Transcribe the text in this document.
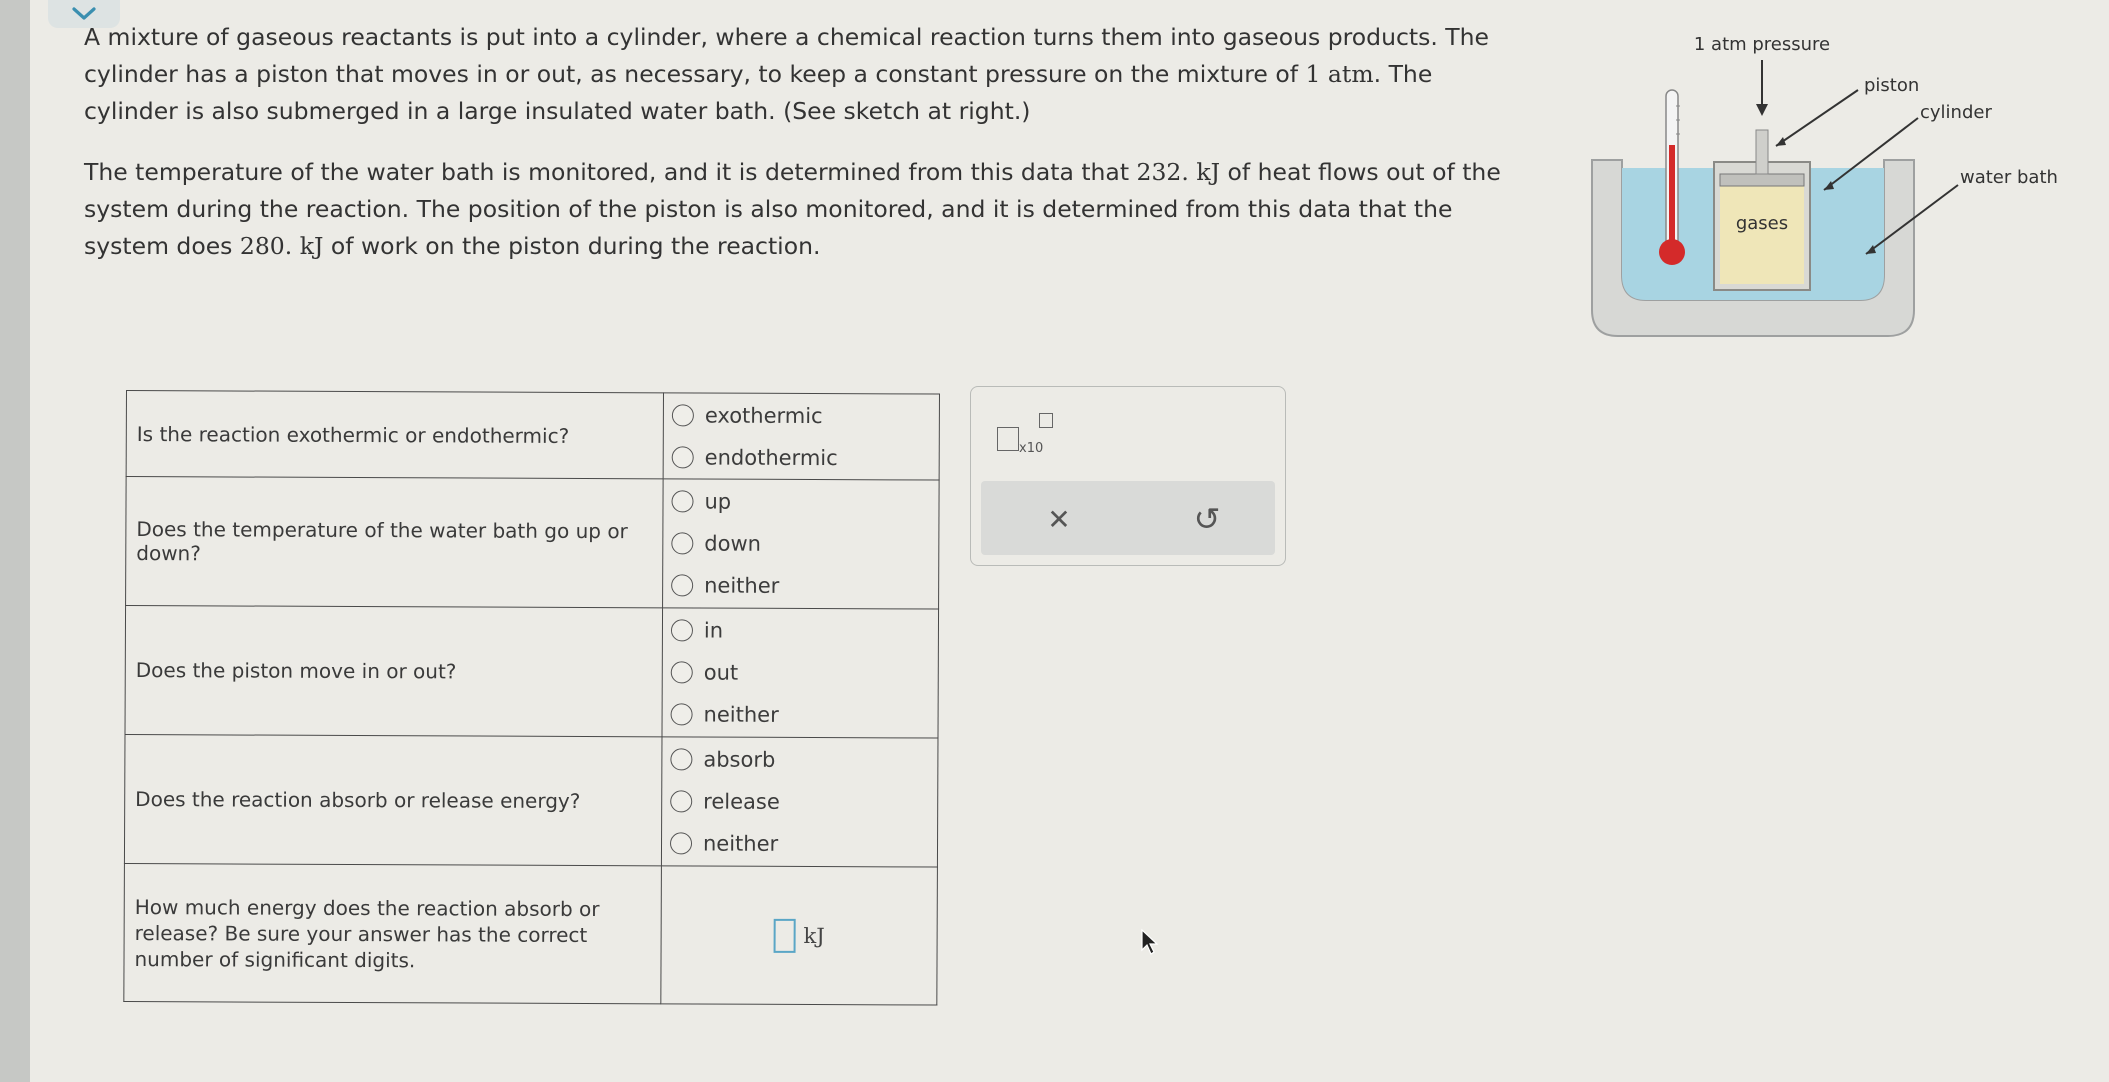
A mixture of gaseous reactants is put into a cylinder, where a chemical reaction turns them into gaseous products. The

cylinder has a piston that moves in or out, as necessary, to keep a constant pressure on the mixture of 1 atm. The

cylinder is also submerged in a large insulated water bath. (See sketch at right.)

The temperature of the water bath is monitored, and it is determined from this data that 232. kJ of heat flows out of the

system during the reaction. The position of the piston is also monitored, and it is determined from this data that the

system does 280. kJ of work on the piston during the reaction.

Is the reaction exothermic or endothermic?	exothermic
endothermic

Does the temperature of the water bath go up or down?	up
down
neither

Does the piston move in or out?	in
out
neither

Does the reaction absorb or release energy?	absorb
release
neither

How much energy does the reaction absorb or release? Be sure your answer has the correct number of significant digits.	kJ
x10
✕	↺
gases
1 atm pressure
piston
cylinder
water bath
